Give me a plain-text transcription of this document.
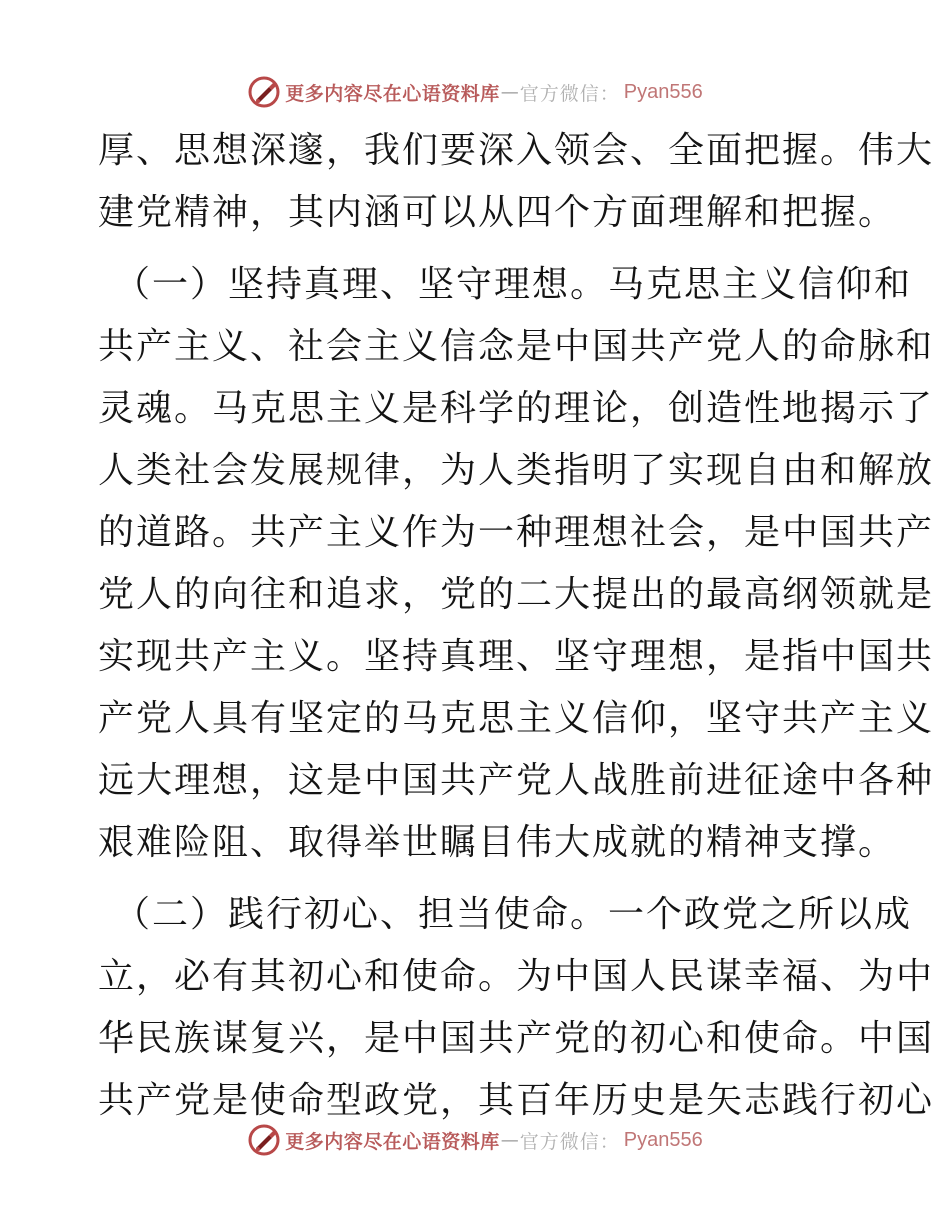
更多内容尽在心语资料库 — 官方微信： Pyan556
厚、思想深邃，我们要深入领会、全面把握。伟大
建党精神，其内涵可以从四个方面理解和把握。
（一）坚持真理、坚守理想。马克思主义信仰和
共产主义、社会主义信念是中国共产党人的命脉和
灵魂。马克思主义是科学的理论，创造性地揭示了
人类社会发展规律，为人类指明了实现自由和解放
的道路。共产主义作为一种理想社会，是中国共产
党人的向往和追求，党的二大提出的最高纲领就是
实现共产主义。坚持真理、坚守理想，是指中国共
产党人具有坚定的马克思主义信仰，坚守共产主义
远大理想，这是中国共产党人战胜前进征途中各种
艰难险阻、取得举世瞩目伟大成就的精神支撑。
（二）践行初心、担当使命。一个政党之所以成
立，必有其初心和使命。为中国人民谋幸福、为中
华民族谋复兴，是中国共产党的初心和使命。中国
共产党是使命型政党，其百年历史是矢志践行初心
更多内容尽在心语资料库 — 官方微信： Pyan556
